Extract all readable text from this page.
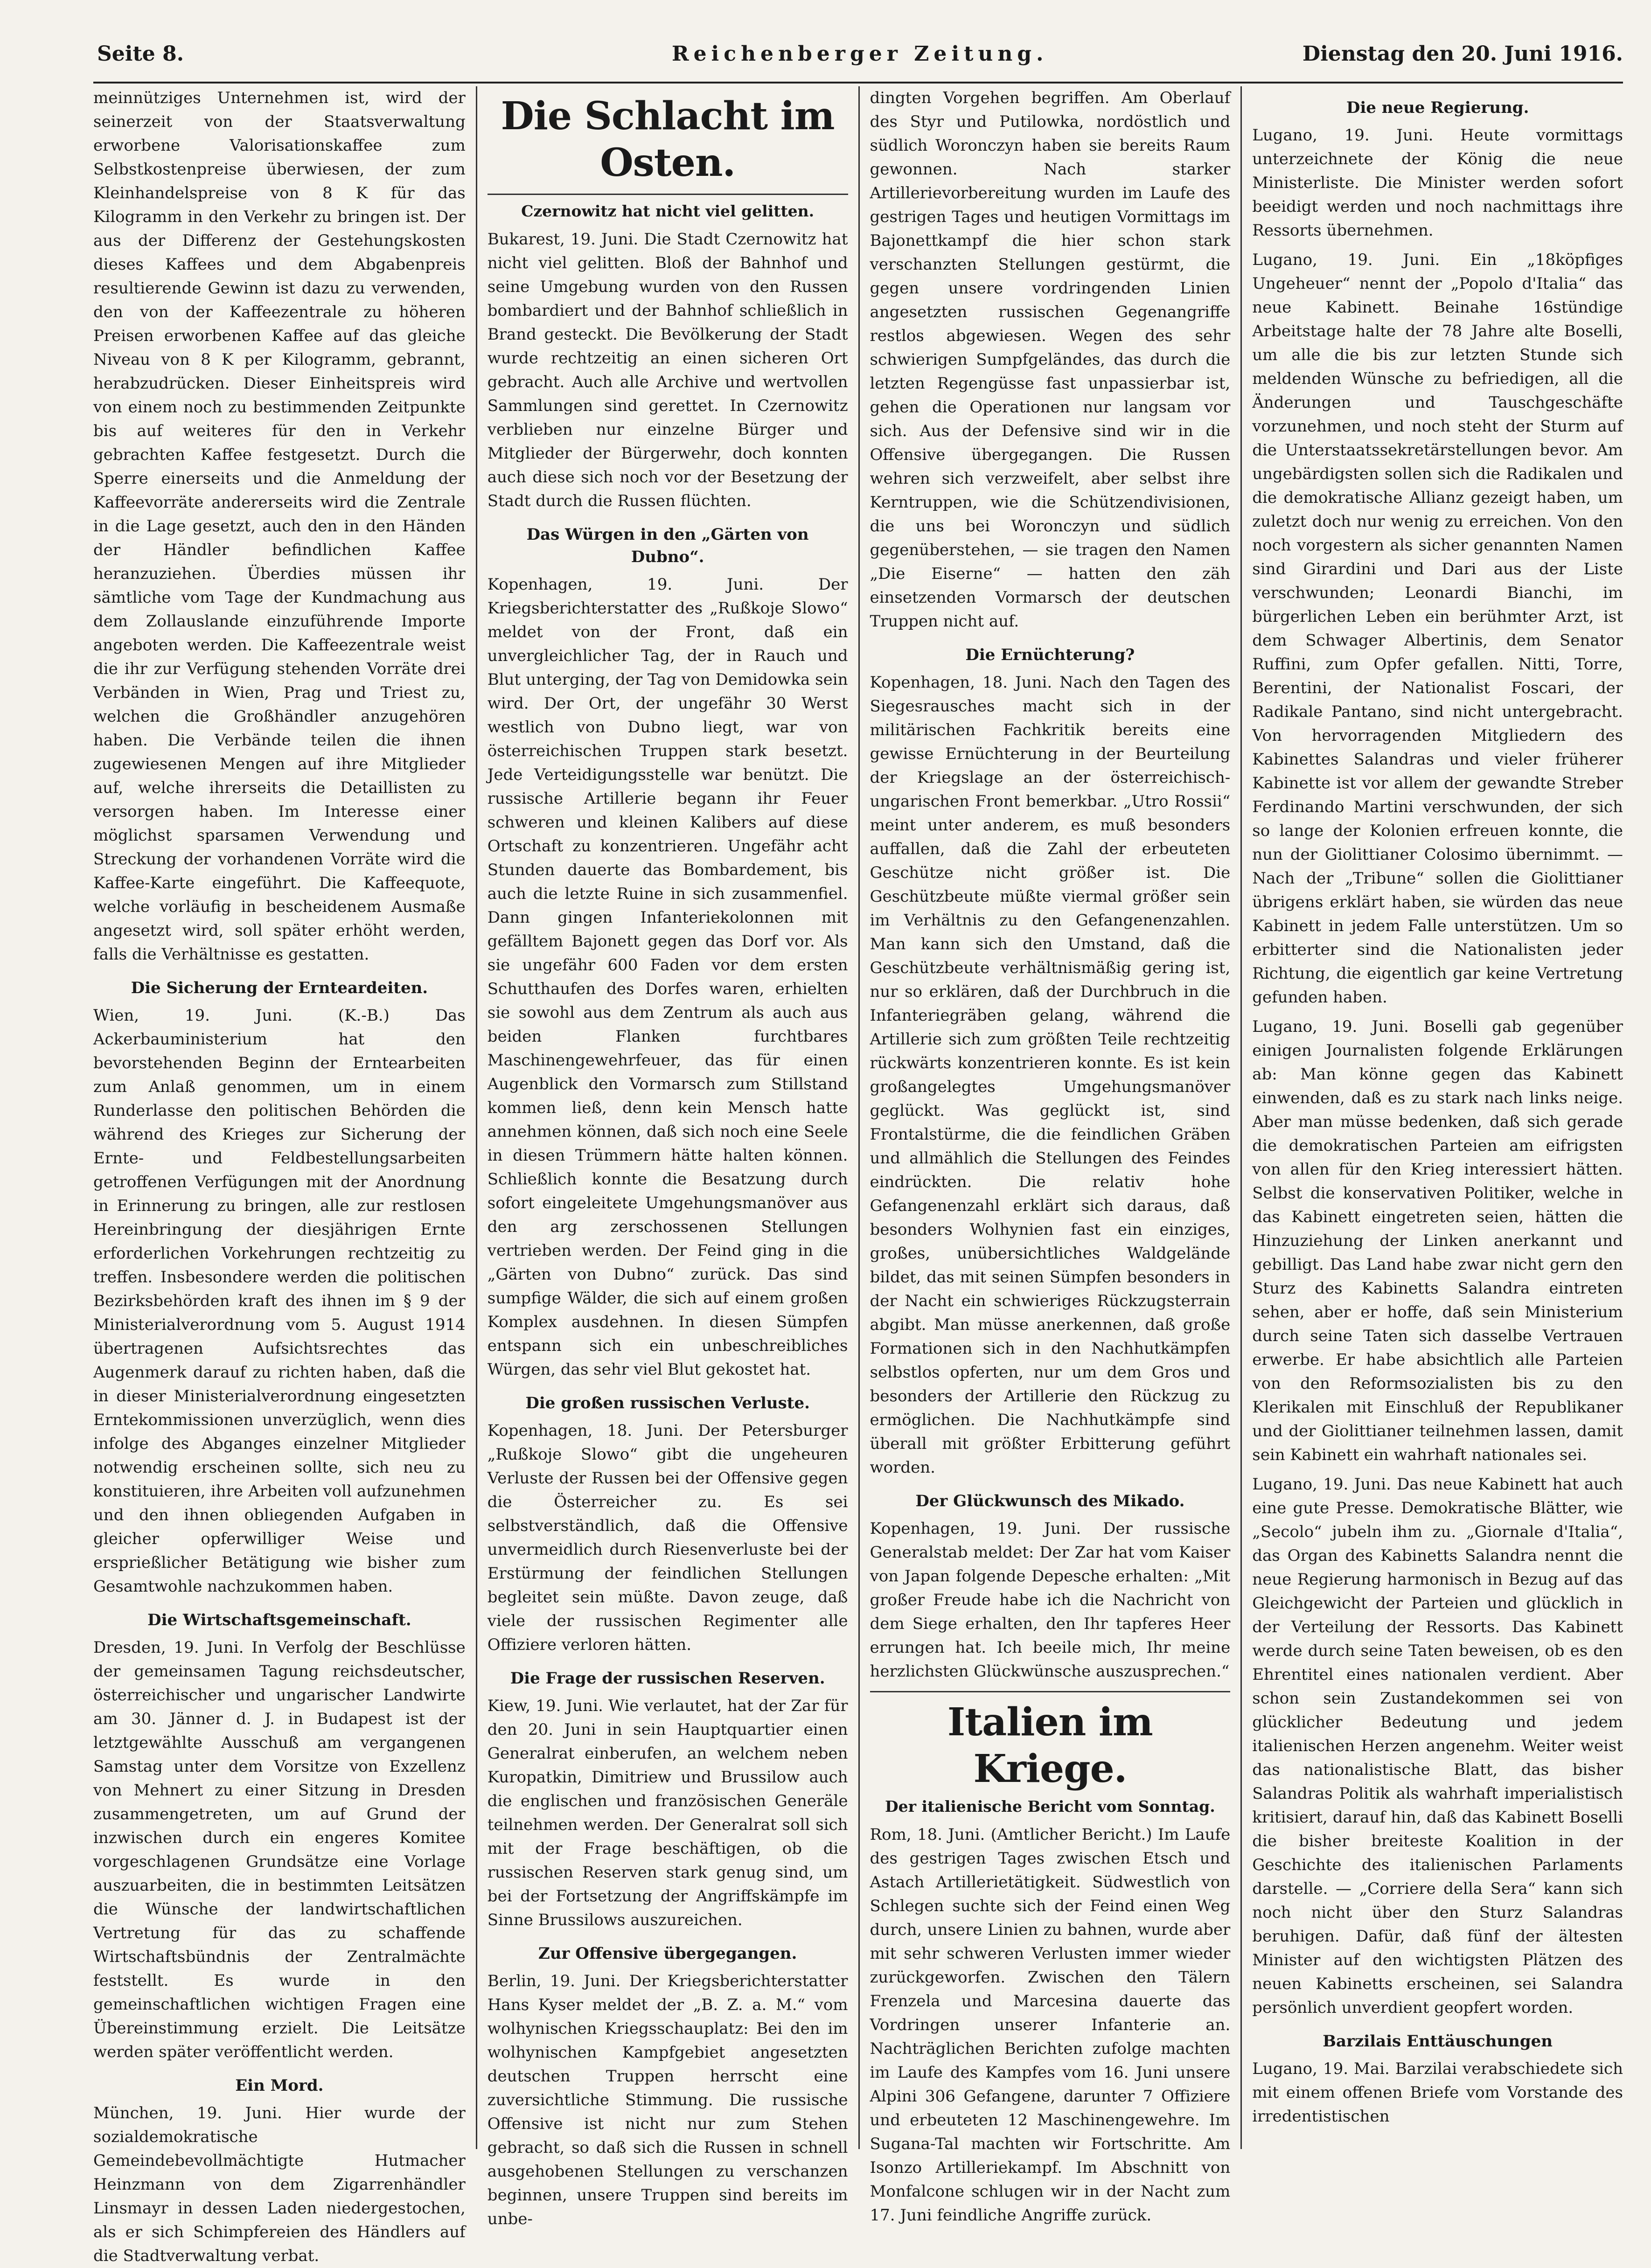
Seite 8.	Reichenberger Zeitung.	Dienstag den 20. Juni 1916.

meinnütziges Unternehmen ist, wird der seinerzeit von der Staatsverwaltung erworbene Valorisationskaffee zum Selbstkostenpreise überwiesen, der zum Kleinhandelspreise von 8 K für das Kilogramm in den Verkehr zu bringen ist. Der aus der Differenz der Gestehungskosten dieses Kaffees und dem Abgabenpreis resultierende Gewinn ist dazu zu verwenden, den von der Kaffeezentrale zu höheren Preisen erworbenen Kaffee auf das gleiche Niveau von 8 K per Kilogramm, gebrannt, herabzudrücken. Dieser Einheitspreis wird von einem noch zu bestimmenden Zeitpunkte bis auf weiteres für den in Verkehr gebrachten Kaffee festgesetzt. Durch die Sperre einerseits und die Anmeldung der Kaffeevorräte andererseits wird die Zentrale in die Lage gesetzt, auch den in den Händen der Händler befindlichen Kaffee heranzuziehen. Überdies müssen ihr sämtliche vom Tage der Kundmachung aus dem Zollauslande einzuführende Importe angeboten werden. Die Kaffeezentrale weist die ihr zur Verfügung stehenden Vorräte drei Verbänden in Wien, Prag und Triest zu, welchen die Großhändler anzugehören haben. Die Verbände teilen die ihnen zugewiesenen Mengen auf ihre Mitglieder auf, welche ihrerseits die Detaillisten zu versorgen haben. Im Interesse einer möglichst sparsamen Verwendung und Streckung der vorhandenen Vorräte wird die Kaffee-Karte eingeführt. Die Kaffeequote, welche vorläufig in bescheidenem Ausmaße angesetzt wird, soll später erhöht werden, falls die Verhältnisse es gestatten.

Die Sicherung der Ernteardeiten.

Wien, 19. Juni. (K.-B.) Das Ackerbauministerium hat den bevorstehenden Beginn der Erntearbeiten zum Anlaß genommen, um in einem Runderlasse den politischen Behörden die während des Krieges zur Sicherung der Ernte- und Feldbestellungsarbeiten getroffenen Verfügungen mit der Anordnung in Erinnerung zu bringen, alle zur restlosen Hereinbringung der diesjährigen Ernte erforderlichen Vorkehrungen rechtzeitig zu treffen. Insbesondere werden die politischen Bezirksbehörden kraft des ihnen im § 9 der Ministerialverordnung vom 5. August 1914 übertragenen Aufsichtsrechtes das Augenmerk darauf zu richten haben, daß die in dieser Ministerialverordnung eingesetzten Erntekommissionen unverzüglich, wenn dies infolge des Abganges einzelner Mitglieder notwendig erscheinen sollte, sich neu zu konstituieren, ihre Arbeiten voll aufzunehmen und den ihnen obliegenden Aufgaben in gleicher opferwilliger Weise und ersprießlicher Betätigung wie bisher zum Gesamtwohle nachzukommen haben.

Die Wirtschaftsgemeinschaft.

Dresden, 19. Juni. In Verfolg der Beschlüsse der gemeinsamen Tagung reichsdeutscher, österreichischer und ungarischer Landwirte am 30. Jänner d. J. in Budapest ist der letztgewählte Ausschuß am vergangenen Samstag unter dem Vorsitze von Exzellenz von Mehnert zu einer Sitzung in Dresden zusammengetreten, um auf Grund der inzwischen durch ein engeres Komitee vorgeschlagenen Grundsätze eine Vorlage auszuarbeiten, die in bestimmten Leitsätzen die Wünsche der landwirtschaftlichen Vertretung für das zu schaffende Wirtschaftsbündnis der Zentralmächte feststellt. Es wurde in den gemeinschaftlichen wichtigen Fragen eine Übereinstimmung erzielt. Die Leitsätze werden später veröffentlicht werden.

Ein Mord.

München, 19. Juni. Hier wurde der sozialdemokratische Gemeindebevollmächtigte Hutmacher Heinzmann von dem Zigarrenhändler Linsmayr in dessen Laden niedergestochen, als er sich Schimpfereien des Händlers auf die Stadtverwaltung verbat.

Die Schlacht im Osten.
Czernowitz hat nicht viel gelitten.

Bukarest, 19. Juni. Die Stadt Czernowitz hat nicht viel gelitten. Bloß der Bahnhof und seine Umgebung wurden von den Russen bombardiert und der Bahnhof schließlich in Brand gesteckt. Die Bevölkerung der Stadt wurde rechtzeitig an einen sicheren Ort gebracht. Auch alle Archive und wertvollen Sammlungen sind gerettet. In Czernowitz verblieben nur einzelne Bürger und Mitglieder der Bürgerwehr, doch konnten auch diese sich noch vor der Besetzung der Stadt durch die Russen flüchten.

Das Würgen in den „Gärten von Dubno“.

Kopenhagen, 19. Juni. Der Kriegsberichterstatter des „Rußkoje Slowo“ meldet von der Front, daß ein unvergleichlicher Tag, der in Rauch und Blut unterging, der Tag von Demidowka sein wird. Der Ort, der ungefähr 30 Werst westlich von Dubno liegt, war von österreichischen Truppen stark besetzt. Jede Verteidigungsstelle war benützt. Die russische Artillerie begann ihr Feuer schweren und kleinen Kalibers auf diese Ortschaft zu konzentrieren. Ungefähr acht Stunden dauerte das Bombardement, bis auch die letzte Ruine in sich zusammenfiel. Dann gingen Infanteriekolonnen mit gefälltem Bajonett gegen das Dorf vor. Als sie ungefähr 600 Faden vor dem ersten Schutthaufen des Dorfes waren, erhielten sie sowohl aus dem Zentrum als auch aus beiden Flanken furchtbares Maschinengewehrfeuer, das für einen Augenblick den Vormarsch zum Stillstand kommen ließ, denn kein Mensch hatte annehmen können, daß sich noch eine Seele in diesen Trümmern hätte halten können. Schließlich konnte die Besatzung durch sofort eingeleitete Umgehungsmanöver aus den arg zerschossenen Stellungen vertrieben werden. Der Feind ging in die „Gärten von Dubno“ zurück. Das sind sumpfige Wälder, die sich auf einem großen Komplex ausdehnen. In diesen Sümpfen entspann sich ein unbeschreibliches Würgen, das sehr viel Blut gekostet hat.

Die großen russischen Verluste.

Kopenhagen, 18. Juni. Der Petersburger „Rußkoje Slowo“ gibt die ungeheuren Verluste der Russen bei der Offensive gegen die Österreicher zu. Es sei selbstverständlich, daß die Offensive unvermeidlich durch Riesenverluste bei der Erstürmung der feindlichen Stellungen begleitet sein müßte. Davon zeuge, daß viele der russischen Regimenter alle Offiziere verloren hätten.

Die Frage der russischen Reserven.

Kiew, 19. Juni. Wie verlautet, hat der Zar für den 20. Juni in sein Hauptquartier einen Generalrat einberufen, an welchem neben Kuropatkin, Dimitriew und Brussilow auch die englischen und französischen Generäle teilnehmen werden. Der Generalrat soll sich mit der Frage beschäftigen, ob die russischen Reserven stark genug sind, um bei der Fortsetzung der Angriffskämpfe im Sinne Brussilows auszureichen.

Zur Offensive übergegangen.

Berlin, 19. Juni. Der Kriegsberichterstatter Hans Kyser meldet der „B. Z. a. M.“ vom wolhynischen Kriegsschauplatz: Bei den im wolhynischen Kampfgebiet angesetzten deutschen Truppen herrscht eine zuversichtliche Stimmung. Die russische Offensive ist nicht nur zum Stehen gebracht, so daß sich die Russen in schnell ausgehobenen Stellungen zu verschanzen beginnen, unsere Truppen sind bereits im unbe-

dingten Vorgehen begriffen. Am Oberlauf des Styr und Putilowka, nordöstlich und südlich Woronczyn haben sie bereits Raum gewonnen. Nach starker Artillerievorbereitung wurden im Laufe des gestrigen Tages und heutigen Vormittags im Bajonettkampf die hier schon stark verschanzten Stellungen gestürmt, die gegen unsere vordringenden Linien angesetzten russischen Gegenangriffe restlos abgewiesen. Wegen des sehr schwierigen Sumpfgeländes, das durch die letzten Regengüsse fast unpassierbar ist, gehen die Operationen nur langsam vor sich. Aus der Defensive sind wir in die Offensive übergegangen. Die Russen wehren sich verzweifelt, aber selbst ihre Kerntruppen, wie die Schützendivisionen, die uns bei Woronczyn und südlich gegenüberstehen, — sie tragen den Namen „Die Eiserne“ — hatten den zäh einsetzenden Vormarsch der deutschen Truppen nicht auf.

Die Ernüchterung?

Kopenhagen, 18. Juni. Nach den Tagen des Siegesrausches macht sich in der militärischen Fachkritik bereits eine gewisse Ernüchterung in der Beurteilung der Kriegslage an der österreichisch-ungarischen Front bemerkbar. „Utro Rossii“ meint unter anderem, es muß besonders auffallen, daß die Zahl der erbeuteten Geschütze nicht größer ist. Die Geschützbeute müßte viermal größer sein im Verhältnis zu den Gefangenenzahlen. Man kann sich den Umstand, daß die Geschützbeute verhältnismäßig gering ist, nur so erklären, daß der Durchbruch in die Infanteriegräben gelang, während die Artillerie sich zum größten Teile rechtzeitig rückwärts konzentrieren konnte. Es ist kein großangelegtes Umgehungsmanöver geglückt. Was geglückt ist, sind Frontalstürme, die die feindlichen Gräben und allmählich die Stellungen des Feindes eindrückten. Die relativ hohe Gefangenenzahl erklärt sich daraus, daß besonders Wolhynien fast ein einziges, großes, unübersichtliches Waldgelände bildet, das mit seinen Sümpfen besonders in der Nacht ein schwieriges Rückzugsterrain abgibt. Man müsse anerkennen, daß große Formationen sich in den Nachhutkämpfen selbstlos opferten, nur um dem Gros und besonders der Artillerie den Rückzug zu ermöglichen. Die Nachhutkämpfe sind überall mit größter Erbitterung geführt worden.

Der Glückwunsch des Mikado.

Kopenhagen, 19. Juni. Der russische Generalstab meldet: Der Zar hat vom Kaiser von Japan folgende Depesche erhalten: „Mit großer Freude habe ich die Nachricht von dem Siege erhalten, den Ihr tapferes Heer errungen hat. Ich beeile mich, Ihr meine herzlichsten Glückwünsche auszusprechen.“

Italien im Kriege.
Der italienische Bericht vom Sonntag.

Rom, 18. Juni. (Amtlicher Bericht.) Im Laufe des gestrigen Tages zwischen Etsch und Astach Artillerietätigkeit. Südwestlich von Schlegen suchte sich der Feind einen Weg durch, unsere Linien zu bahnen, wurde aber mit sehr schweren Verlusten immer wieder zurückgeworfen. Zwischen den Tälern Frenzela und Marcesina dauerte das Vordringen unserer Infanterie an. Nachträglichen Berichten zufolge machten im Laufe des Kampfes vom 16. Juni unsere Alpini 306 Gefangene, darunter 7 Offiziere und erbeuteten 12 Maschinengewehre. Im Sugana-Tal machten wir Fortschritte. Am Isonzo Artilleriekampf. Im Abschnitt von Monfalcone schlugen wir in der Nacht zum 17. Juni feindliche Angriffe zurück.

Die neue Regierung.

Lugano, 19. Juni. Heute vormittags unterzeichnete der König die neue Ministerliste. Die Minister werden sofort beeidigt werden und noch nachmittags ihre Ressorts übernehmen.

Lugano, 19. Juni. Ein „18köpfiges Ungeheuer“ nennt der „Popolo d'Italia“ das neue Kabinett. Beinahe 16stündige Arbeitstage halte der 78 Jahre alte Boselli, um alle die bis zur letzten Stunde sich meldenden Wünsche zu befriedigen, all die Änderungen und Tauschgeschäfte vorzunehmen, und noch steht der Sturm auf die Unterstaatssekretärstellungen bevor. Am ungebärdigsten sollen sich die Radikalen und die demokratische Allianz gezeigt haben, um zuletzt doch nur wenig zu erreichen. Von den noch vorgestern als sicher genannten Namen sind Girardini und Dari aus der Liste verschwunden; Leonardi Bianchi, im bürgerlichen Leben ein berühmter Arzt, ist dem Schwager Albertinis, dem Senator Ruffini, zum Opfer gefallen. Nitti, Torre, Berentini, der Nationalist Foscari, der Radikale Pantano, sind nicht untergebracht. Von hervorragenden Mitgliedern des Kabinettes Salandras und vieler früherer Kabinette ist vor allem der gewandte Streber Ferdinando Martini verschwunden, der sich so lange der Kolonien erfreuen konnte, die nun der Giolittianer Colosimo übernimmt. — Nach der „Tribune“ sollen die Giolittianer übrigens erklärt haben, sie würden das neue Kabinett in jedem Falle unterstützen. Um so erbitterter sind die Nationalisten jeder Richtung, die eigentlich gar keine Vertretung gefunden haben.

Lugano, 19. Juni. Boselli gab gegenüber einigen Journalisten folgende Erklärungen ab: Man könne gegen das Kabinett einwenden, daß es zu stark nach links neige. Aber man müsse bedenken, daß sich gerade die demokratischen Parteien am eifrigsten von allen für den Krieg interessiert hätten. Selbst die konservativen Politiker, welche in das Kabinett eingetreten seien, hätten die Hinzuziehung der Linken anerkannt und gebilligt. Das Land habe zwar nicht gern den Sturz des Kabinetts Salandra eintreten sehen, aber er hoffe, daß sein Ministerium durch seine Taten sich dasselbe Vertrauen erwerbe. Er habe absichtlich alle Parteien von den Reformsozialisten bis zu den Klerikalen mit Einschluß der Republikaner und der Giolittianer teilnehmen lassen, damit sein Kabinett ein wahrhaft nationales sei.

Lugano, 19. Juni. Das neue Kabinett hat auch eine gute Presse. Demokratische Blätter, wie „Secolo“ jubeln ihm zu. „Giornale d'Italia“, das Organ des Kabinetts Salandra nennt die neue Regierung harmonisch in Bezug auf das Gleichgewicht der Parteien und glücklich in der Verteilung der Ressorts. Das Kabinett werde durch seine Taten beweisen, ob es den Ehrentitel eines nationalen verdient. Aber schon sein Zustandekommen sei von glücklicher Bedeutung und jedem italienischen Herzen angenehm. Weiter weist das nationalistische Blatt, das bisher Salandras Politik als wahrhaft imperialistisch kritisiert, darauf hin, daß das Kabinett Boselli die bisher breiteste Koalition in der Geschichte des italienischen Parlaments darstelle. — „Corriere della Sera“ kann sich noch nicht über den Sturz Salandras beruhigen. Dafür, daß fünf der ältesten Minister auf den wichtigsten Plätzen des neuen Kabinetts erscheinen, sei Salandra persönlich unverdient geopfert worden.

Barzilais Enttäuschungen

Lugano, 19. Mai. Barzilai verabschiedete sich mit einem offenen Briefe vom Vorstande des irredentistischen
